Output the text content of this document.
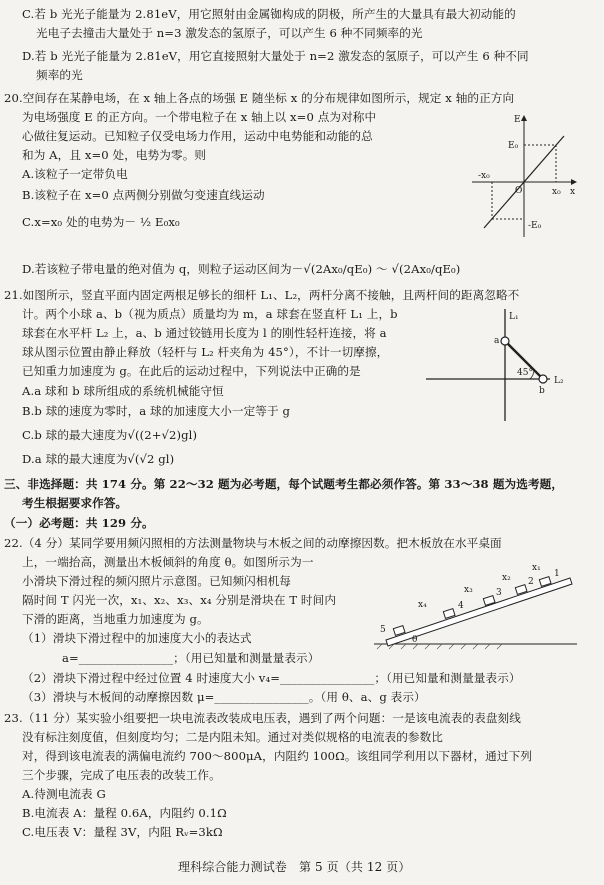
C.若 b 光光子能量为 2.81eV，用它照射由金属铷构成的阴极，所产生的大量具有最大初动能的
光电子去撞击大量处于 n=3 激发态的氢原子，可以产生 6 种不同频率的光
D.若 b 光光子能量为 2.81eV，用它直接照射大量处于 n=2 激发态的氢原子，可以产生 6 种不同
频率的光
20.空间存在某静电场，在 x 轴上各点的场强 E 随坐标 x 的分布规律如图所示，规定 x 轴的正方向
为电场强度 E 的正方向。一个带电粒子在 x 轴上以 x=0 点为对称中
心做往复运动。已知粒子仅受电场力作用，运动中电势能和动能的总
和为 A，且 x=0 处，电势为零。则
A.该粒子一定带负电
B.该粒子在 x=0 点两侧分别做匀变速直线运动
C.x=x₀ 处的电势为－ ½ E₀x₀
D.若该粒子带电量的绝对值为 q，则粒子运动区间为－√(2Ax₀/qE₀) ～ √(2Ax₀/qE₀)
E
x
O
E₀
-E₀
x₀
-x₀
21.如图所示，竖直平面内固定两根足够长的细杆 L₁、L₂，两杆分离不接触，且两杆间的距离忽略不
计。两个小球 a、b（视为质点）质量均为 m，a 球套在竖直杆 L₁ 上，b
球套在水平杆 L₂ 上，a、b 通过铰链用长度为 l 的刚性轻杆连接，将 a
球从图示位置由静止释放（轻杆与 L₂ 杆夹角为 45°），不计一切摩擦，
已知重力加速度为 g。在此后的运动过程中，下列说法中正确的是
A.a 球和 b 球所组成的系统机械能守恒
B.b 球的速度为零时，a 球的加速度大小一定等于 g
C.b 球的最大速度为√((2+√2)gl)
D.a 球的最大速度为√(√2 gl)
L₁
L₂
a
b
45°
三、非选择题：共 174 分。第 22～32 题为必考题，每个试题考生都必须作答。第 33～38 题为选考题，
考生根据要求作答。
（一）必考题：共 129 分。
22.（4 分）某同学要用频闪照相的方法测量物块与木板之间的动摩擦因数。把木板放在水平桌面
上，一端抬高，测量出木板倾斜的角度 θ。如图所示为一
小滑块下滑过程的频闪照片示意图。已知频闪相机每
隔时间 T 闪光一次，x₁、x₂、x₃、x₄ 分别是滑块在 T 时间内
下滑的距离，当地重力加速度为 g。
（1）滑块下滑过程中的加速度大小的表达式
a=________________；（用已知量和测量量表示）
（2）滑块下滑过程中经过位置 4 时速度大小 v₄=________________；（用已知量和测量量表示）
（3）滑块与木板间的动摩擦因数 μ=________________。（用 θ、a、g 表示）
1
2
3
4
5
x₁
x₂
x₃
x₄
θ
23.（11 分）某实验小组要把一块电流表改装成电压表，遇到了两个问题：一是该电流表的表盘刻线
没有标注刻度值，但刻度均匀；二是内阻未知。通过对类似规格的电流表的参数比
对，得到该电流表的满偏电流约 700～800μA，内阻约 100Ω。该组同学利用以下器材，通过下列
三个步骤，完成了电压表的改装工作。
A.待测电流表 G
B.电流表 A：量程 0.6A，内阻约 0.1Ω
C.电压表 V：量程 3V，内阻 Rᵥ=3kΩ
理科综合能力测试卷　第 5 页（共 12 页）
